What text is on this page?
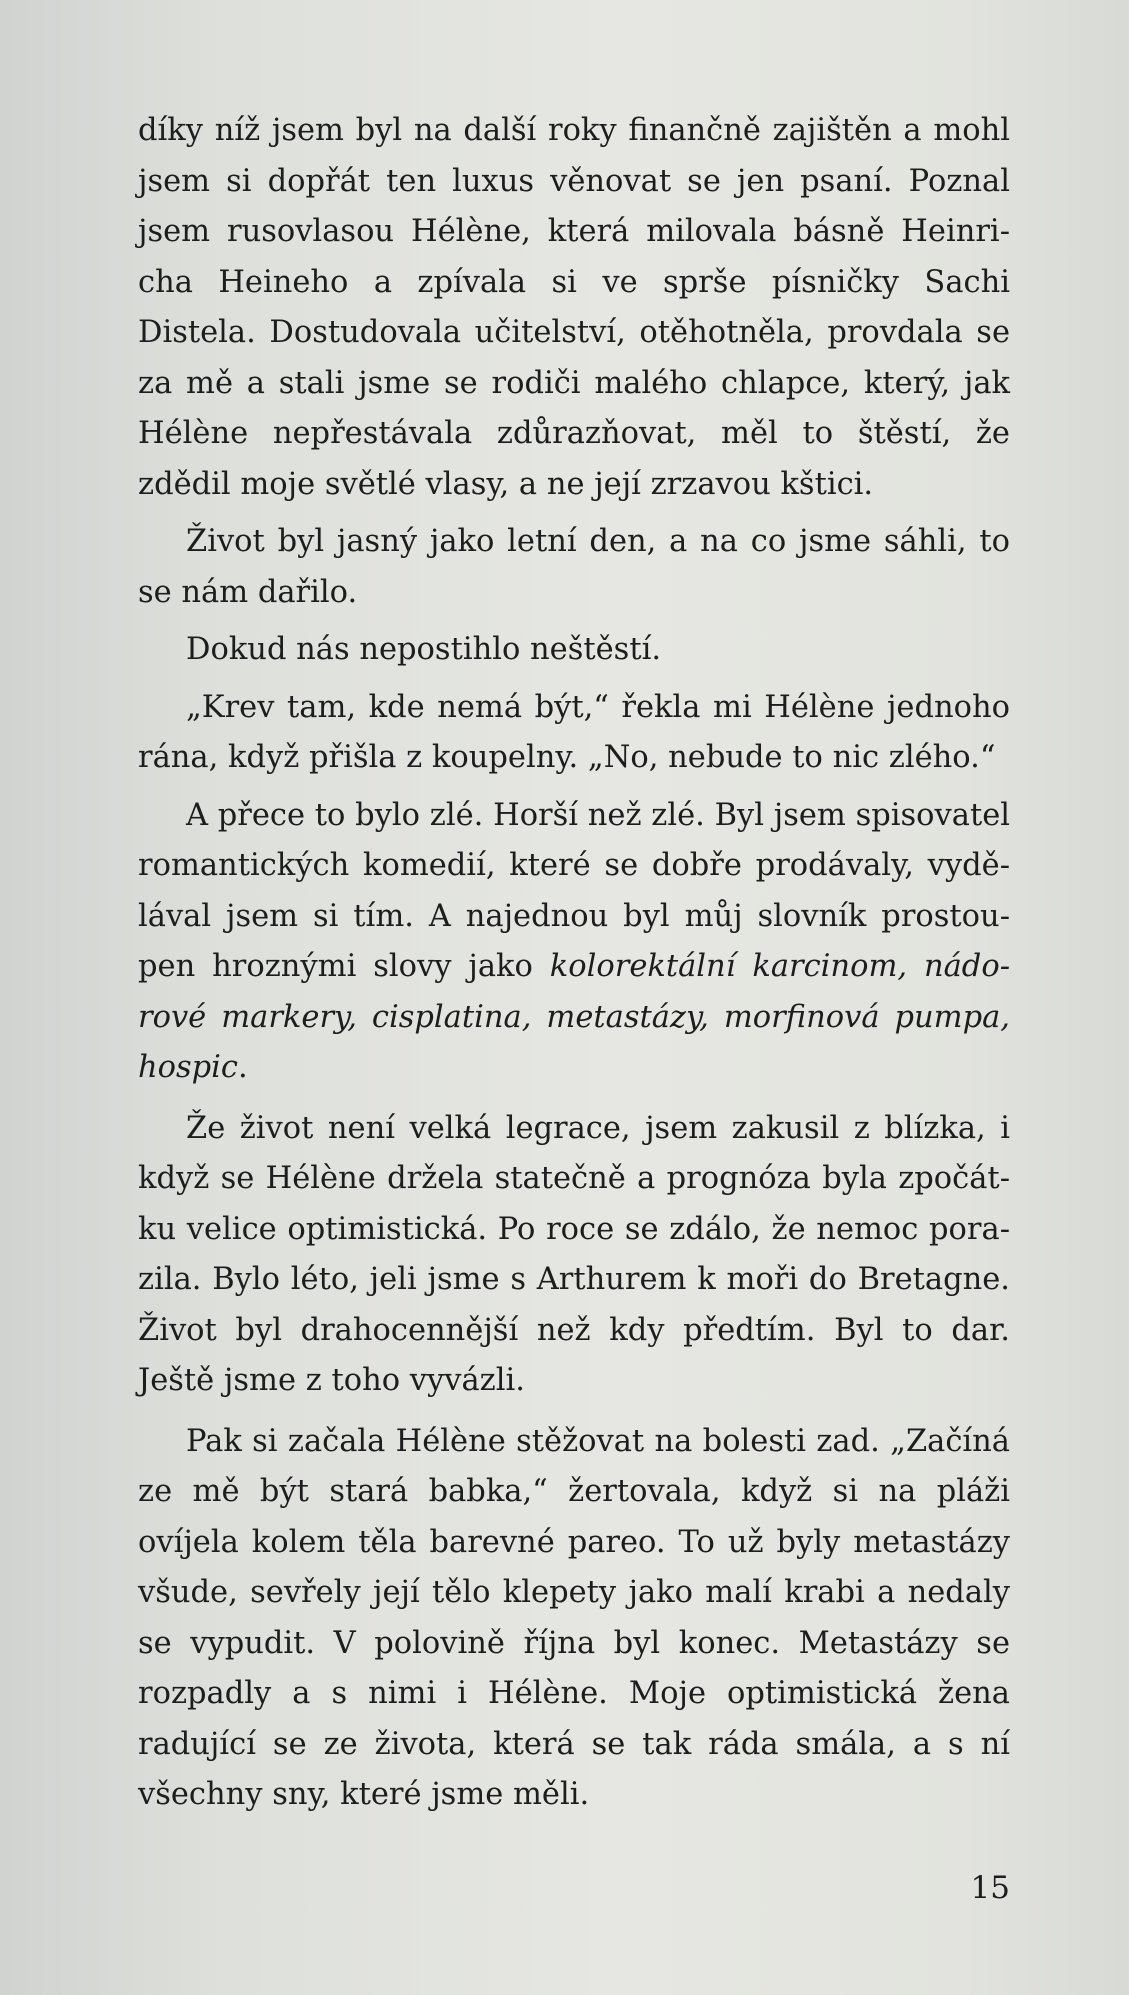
díky níž jsem byl na další roky finančně zajištěn a mohl jsem si dopřát ten luxus věnovat se jen psaní. Poznal jsem rusovlasou Hélène, která milovala básně Heinricha Heineho a zpívala si ve sprše písničky Sachi Distela. Dostudovala učitelství, otěhotněla, provdala se za mě a stali jsme se rodiči malého chlapce, který, jak Hélène nepřestávala zdůrazňovat, měl to štěstí, že zdědil moje světlé vlasy, a ne její zrzavou kštici.

Život byl jasný jako letní den, a na co jsme sáhli, to se nám dařilo.

Dokud nás nepostihlo neštěstí.

„Krev tam, kde nemá být,“ řekla mi Hélène jednoho rána, když přišla z koupelny. „No, nebude to nic zlého.“

A přece to bylo zlé. Horší než zlé. Byl jsem spisovatel romantických komedií, které se dobře prodávaly, vydělával jsem si tím. A najednou byl můj slovník prostoupen hroznými slovy jako kolorektální karcinom, nádorové markery, cisplatina, metastázy, morfinová pumpa, hospic.

Že život není velká legrace, jsem zakusil z blízka, i když se Hélène držela statečně a prognóza byla zpočátku velice optimistická. Po roce se zdálo, že nemoc porazila. Bylo léto, jeli jsme s Arthurem k moři do Bretagne. Život byl drahocennější než kdy předtím. Byl to dar. Ještě jsme z toho vyvázli.

Pak si začala Hélène stěžovat na bolesti zad. „Začíná ze mě být stará babka,“ žertovala, když si na pláži ovíjela kolem těla barevné pareo. To už byly metastázy všude, sevřely její tělo klepety jako malí krabi a nedaly se vypudit. V polovině října byl konec. Metastázy se rozpadly a s nimi i Hélène. Moje optimistická žena radující se ze života, která se tak ráda smála, a s ní všechny sny, které jsme měli.

15
